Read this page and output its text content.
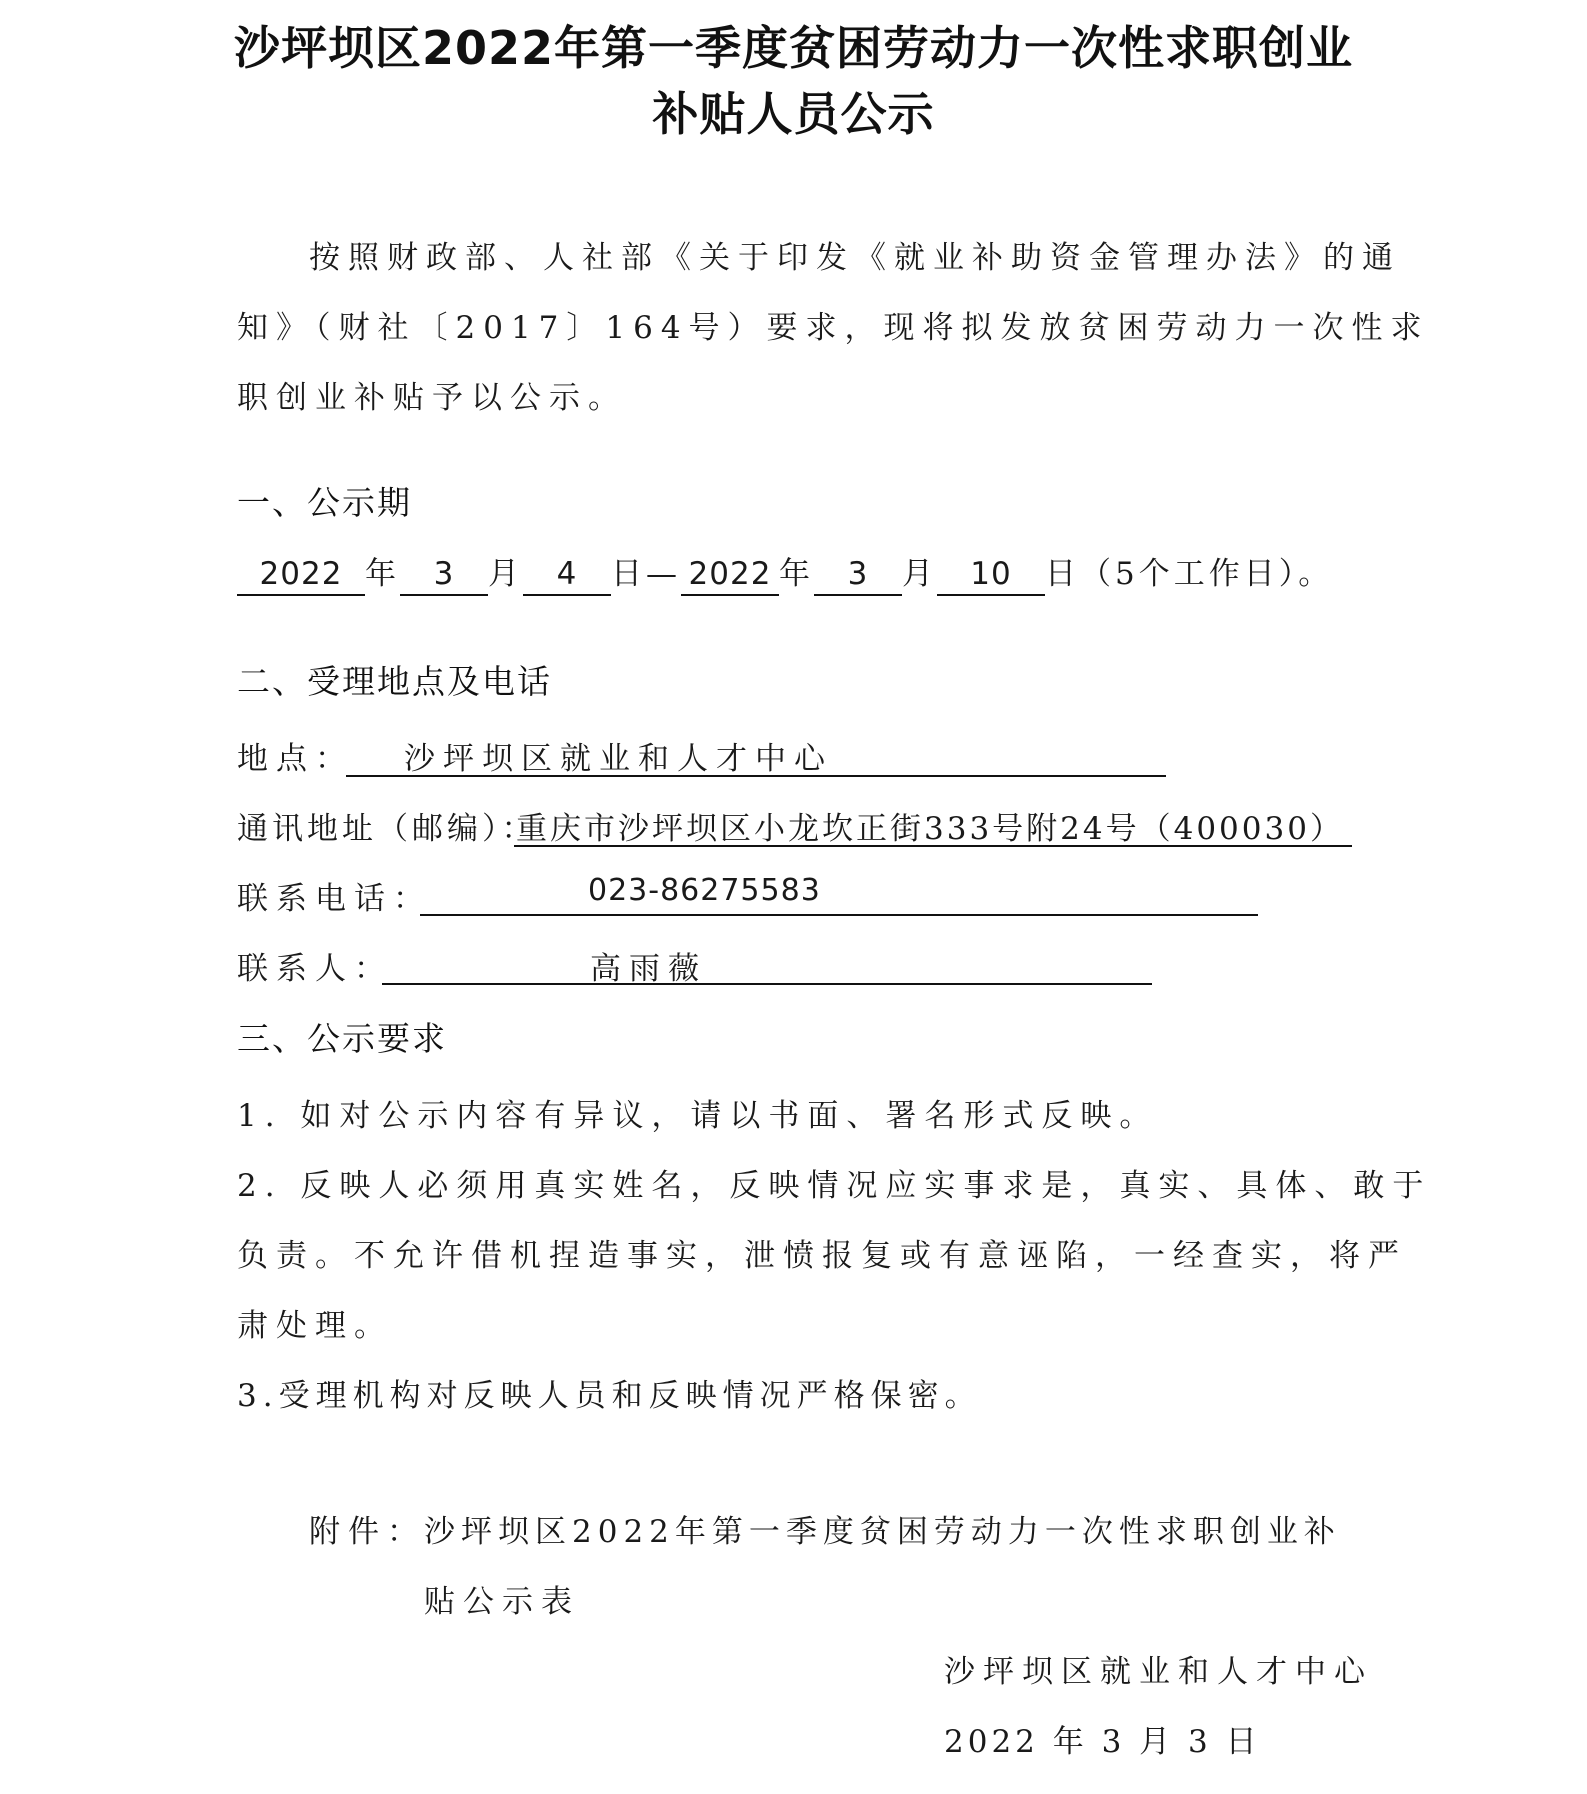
沙坪坝区2022年第一季度贫困劳动力一次性求职创业
补贴人员公示
按照财政部、人社部《关于印发《就业补助资金管理办法》的通
知》（财社〔2017〕164号）要求，现将拟发放贫困劳动力一次性求
职创业补贴予以公示。
一、公示期
2022 年 3 月 4 日— 2022 年 3 月 10 日（5个工作日）。
二、受理地点及电话
地点： 沙坪坝区就业和人才中心
通讯地址（邮编）：
重庆市沙坪坝区小龙坎正街333号附24号（400030）
联系电话：	023-86275583
联系人：	高雨薇
三、公示要求
1. 如对公示内容有异议，请以书面、署名形式反映。
2. 反映人必须用真实姓名，反映情况应实事求是，真实、具体、敢于
负责。不允许借机捏造事实，泄愤报复或有意诬陷，一经查实，将严
肃处理。
3.受理机构对反映人员和反映情况严格保密。
附件：
沙坪坝区2022年第一季度贫困劳动力一次性求职创业补
贴公示表
沙坪坝区就业和人才中心
2022 年 3 月 3 日
